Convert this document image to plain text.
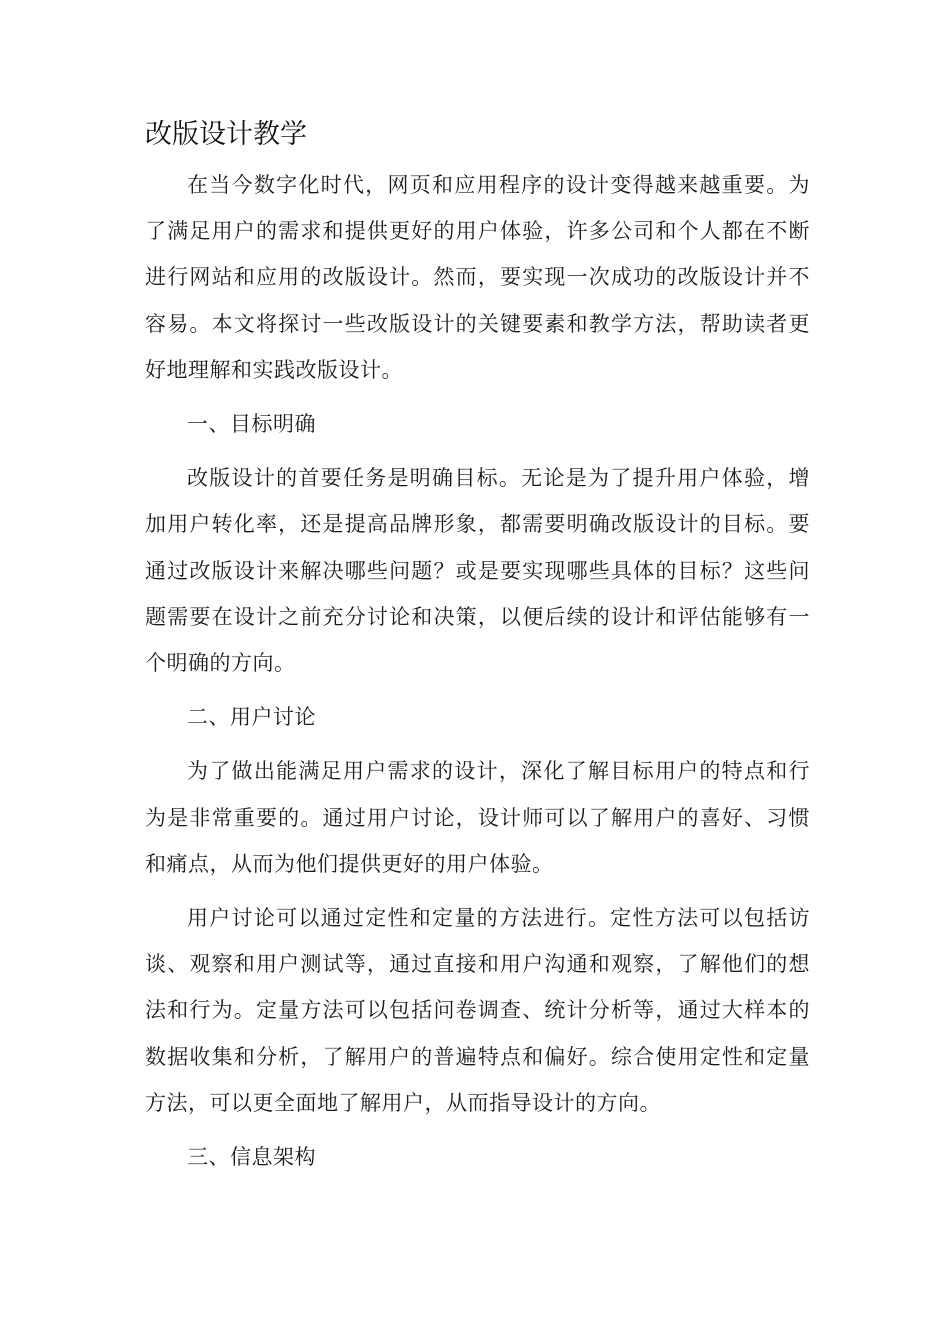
改版设计教学

在当今数字化时代，网页和应用程序的设计变得越来越重要。为了满足用户的需求和提供更好的用户体验，许多公司和个人都在不断进行网站和应用的改版设计。然而，要实现一次成功的改版设计并不容易。本文将探讨一些改版设计的关键要素和教学方法，帮助读者更好地理解和实践改版设计。

一、目标明确

改版设计的首要任务是明确目标。无论是为了提升用户体验，增加用户转化率，还是提高品牌形象，都需要明确改版设计的目标。要通过改版设计来解决哪些问题？或是要实现哪些具体的目标？这些问题需要在设计之前充分讨论和决策，以便后续的设计和评估能够有一个明确的方向。

二、用户讨论

为了做出能满足用户需求的设计，深化了解目标用户的特点和行为是非常重要的。通过用户讨论，设计师可以了解用户的喜好、习惯和痛点，从而为他们提供更好的用户体验。

用户讨论可以通过定性和定量的方法进行。定性方法可以包括访谈、观察和用户测试等，通过直接和用户沟通和观察，了解他们的想法和行为。定量方法可以包括问卷调查、统计分析等，通过大样本的数据收集和分析，了解用户的普遍特点和偏好。综合使用定性和定量方法，可以更全面地了解用户，从而指导设计的方向。

三、信息架构
